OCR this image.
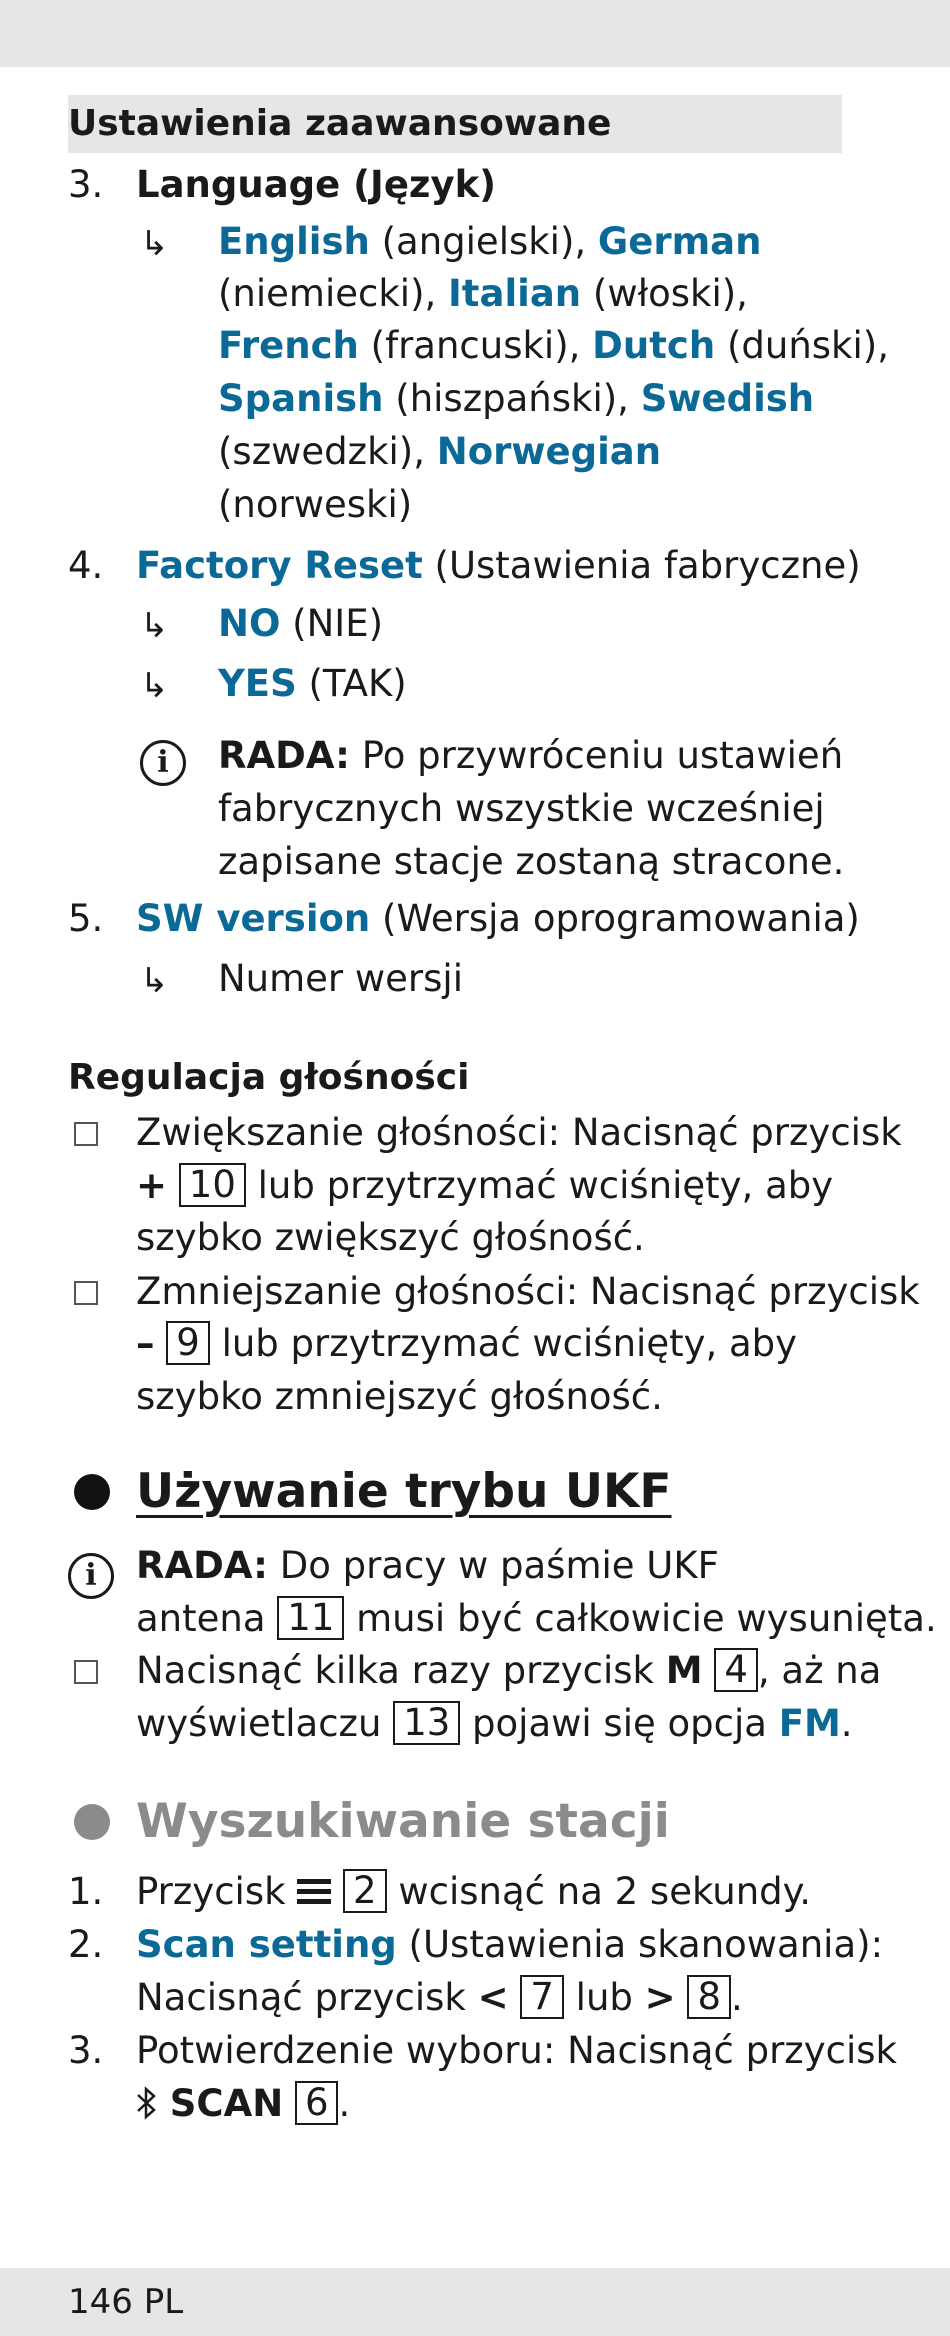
Ustawienia zaawansowane
3. Language (Język)
↳ English (angielski), German
(niemiecki), Italian (włoski),
French (francuski), Dutch (duński),
Spanish (hiszpański), Swedish
(szwedzki), Norwegian
(norweski)
4. Factory Reset (Ustawienia fabryczne)
↳ NO (NIE)
↳ YES (TAK)
i	RADA: Po przywróceniu ustawień
fabrycznych wszystkie wcześniej
zapisane stacje zostaną stracone.
5. SW version (Wersja oprogramowania)
↳ Numer wersji
Regulacja głośności
Zwiększanie głośności: Nacisnąć przycisk
+ 10 lub przytrzymać wciśnięty, aby
szybko zwiększyć głośność.
Zmniejszanie głośności: Nacisnąć przycisk
– 9 lub przytrzymać wciśnięty, aby
szybko zmniejszyć głośność.
Używanie trybu UKF
i	RADA: Do pracy w paśmie UKF
antena 11 musi być całkowicie wysunięta.
Nacisnąć kilka razy przycisk M 4 , aż na
wyświetlaczu 13 pojawi się opcja FM.
Wyszukiwanie stacji
1. Przycisk  2 wcisnąć na 2 sekundy.
2. Scan setting (Ustawienia skanowania):
Nacisnąć przycisk < 7 lub > 8 .
3. Potwierdzenie wyboru: Nacisnąć przycisk
SCAN 6 .
146 PL
